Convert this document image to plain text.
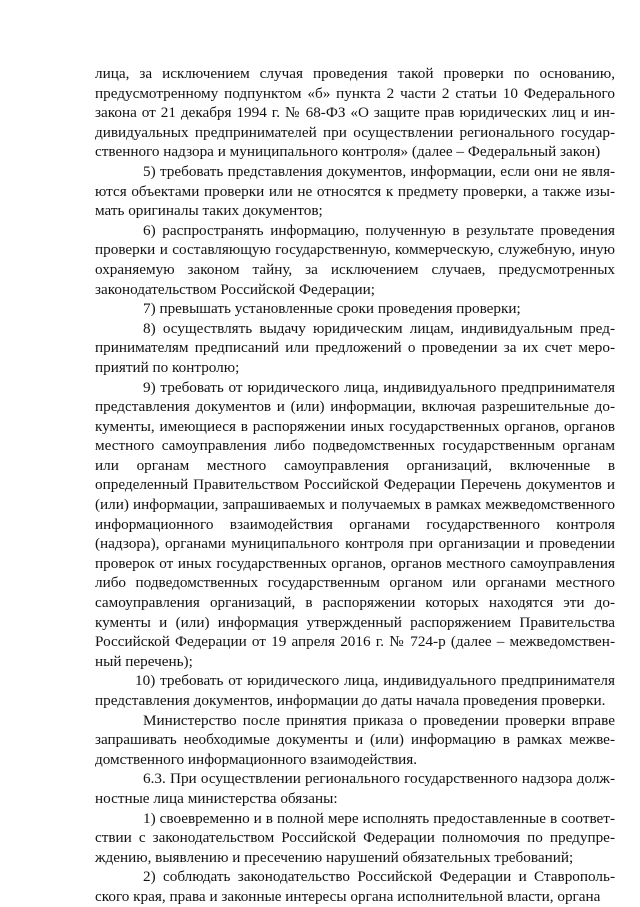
лица, за исключением случая проведения такой проверки по основанию, предусмотренному подпунктом «б» пункта 2 части 2 статьи 10 Федерального закона от 21 декабря 1994 г. № 68-ФЗ «О защите прав юридических лиц и индивидуальных предпринимателей при осуществлении регионального государственного надзора и муниципального контроля» (далее – Федеральный закон)

5) требовать представления документов, информации, если они не являются объектами проверки или не относятся к предмету проверки, а также изымать оригиналы таких документов;

6) распространять информацию, полученную в результате проведения проверки и составляющую государственную, коммерческую, служебную, иную охраняемую законом тайну, за исключением случаев, предусмотренных законодательством Российской Федерации;

7) превышать установленные сроки проведения проверки;

8) осуществлять выдачу юридическим лицам, индивидуальным предпринимателям предписаний или предложений о проведении за их счет мероприятий по контролю;

9) требовать от юридического лица, индивидуального предпринимателя представления документов и (или) информации, включая разрешительные документы, имеющиеся в распоряжении иных государственных органов, органов местного самоуправления либо подведомственных государственным органам или органам местного самоуправления организаций, включенные в определенный Правительством Российской Федерации Перечень документов и (или) информации, запрашиваемых и получаемых в рамках межведомственного информационного взаимодействия органами государственного контроля (надзора), органами муниципального контроля при организации и проведении проверок от иных государственных органов, органов местного самоуправления либо подведомственных государственным органом или органами местного самоуправления организаций, в распоряжении которых находятся эти документы и (или) информация утвержденный распоряжением Правительства Российской Федерации от 19 апреля 2016 г. № 724-р (далее – межведомственный перечень);

10) требовать от юридического лица, индивидуального предпринимателя представления документов, информации до даты начала проведения проверки.

Министерство после принятия приказа о проведении проверки вправе запрашивать необходимые документы и (или) информацию в рамках межведомственного информационного взаимодействия.

6.3. При осуществлении регионального государственного надзора должностные лица министерства обязаны:

1) своевременно и в полной мере исполнять предоставленные в соответствии с законодательством Российской Федерации полномочия по предупреждению, выявлению и пресечению нарушений обязательных требований;

2) соблюдать законодательство Российской Федерации и Ставропольского края, права и законные интересы органа исполнительной власти, органа
